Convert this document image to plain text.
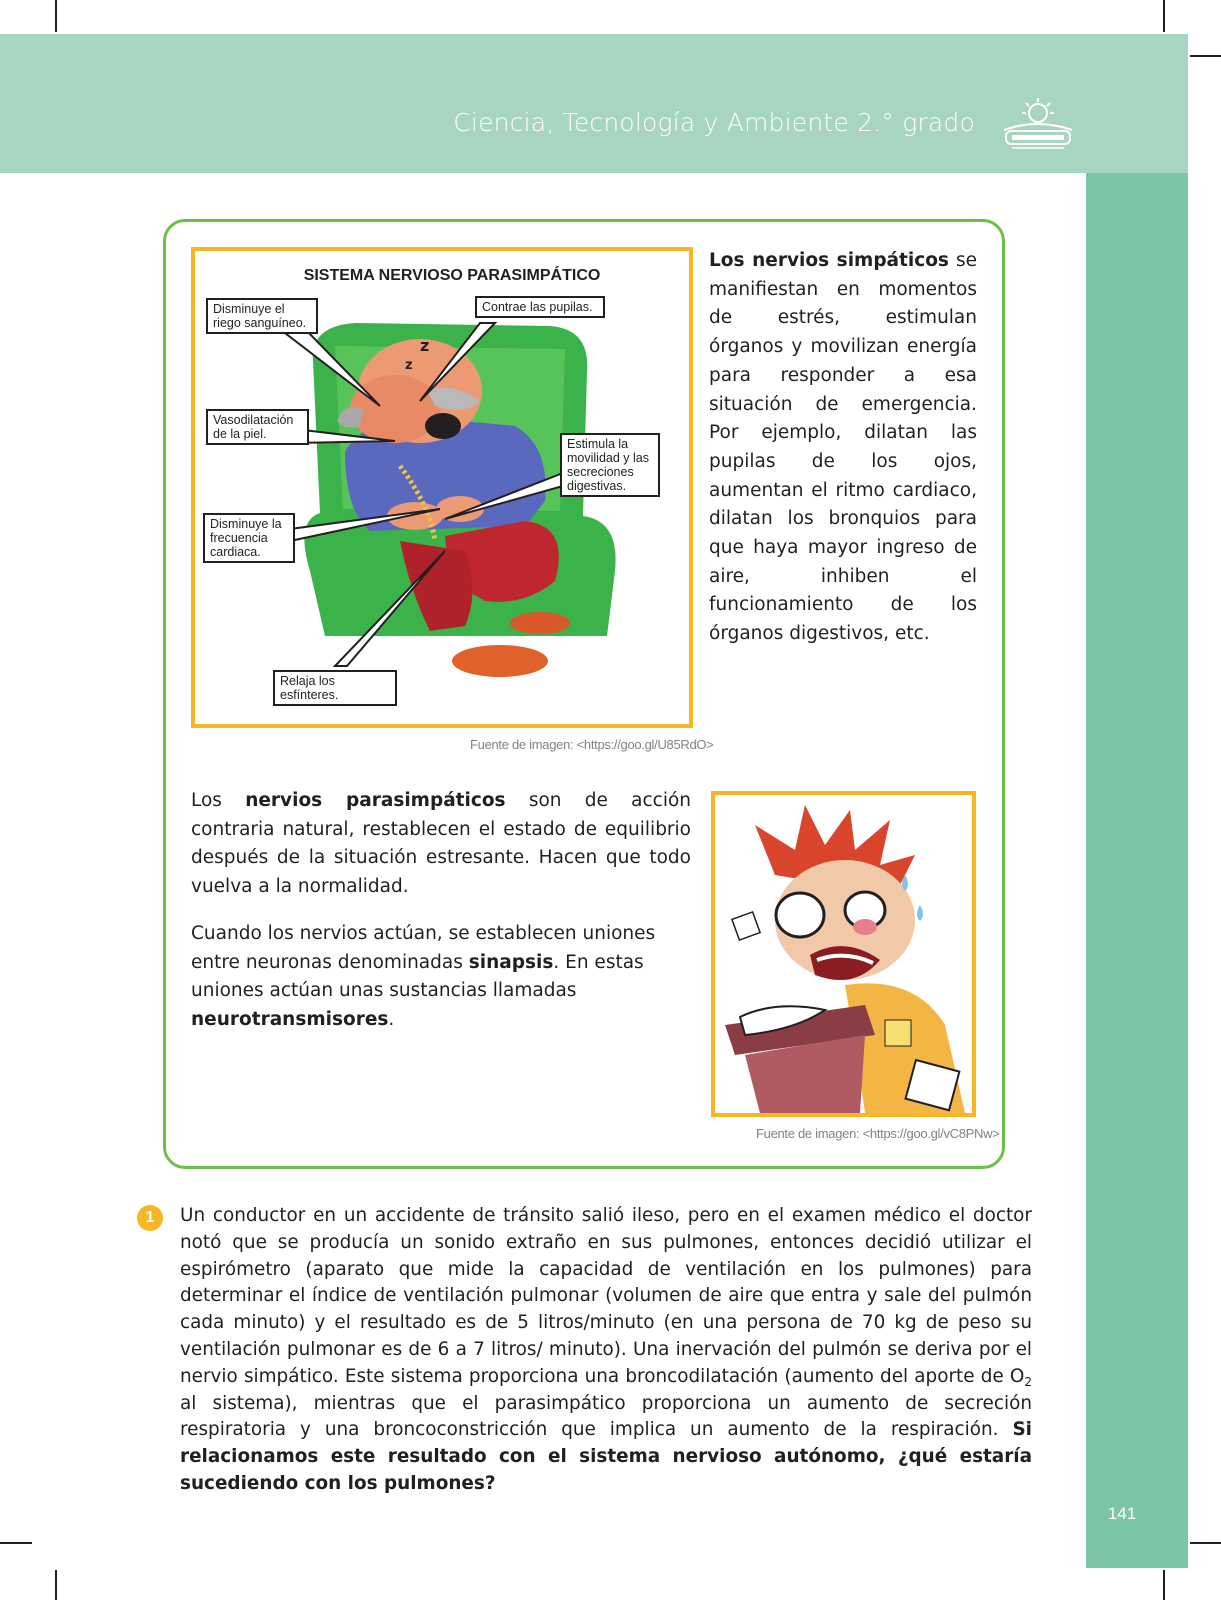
Ciencia, Tecnología y Ambiente 2.° grado
141
z
z
SISTEMA NERVIOSO PARASIMPÁTICO
Disminuye el riego sanguíneo.
Contrae las pupilas.
Vasodilatación de la piel.
Estimula la movilidad y las secreciones digestivas.
Disminuye la frecuencia cardiaca.
Relaja los esfínteres.
Fuente de imagen: <https://goo.gl/U85RdO>
Los nervios simpáticos se manifiestan en momentos de estrés, estimulan órganos y movilizan energía para responder a esa situación de emergencia. Por ejemplo, dilatan las pupilas de los ojos, aumentan el ritmo cardiaco, dilatan los bronquios para que haya mayor ingreso de aire, inhiben el funcionamiento de los órganos digestivos, etc.
Los nervios parasimpáticos son de acción contraria natural, restablecen el estado de equilibrio después de la situación estresante. Hacen que todo vuelva a la normalidad.
Cuando los nervios actúan, se establecen uniones entre neuronas denominadas sinapsis. En estas uniones actúan unas sustancias llamadas neurotransmisores.
Fuente de imagen: <https://goo.gl/vC8PNw>
1	Un conductor en un accidente de tránsito salió ileso, pero en el examen médico el doctor notó que se producía un sonido extraño en sus pulmones, entonces decidió utilizar el espirómetro (aparato que mide la capacidad de ventilación en los pulmones) para determinar el índice de ventilación pulmonar (volumen de aire que entra y sale del pulmón cada minuto) y el resultado es de 5 litros/minuto (en una persona de 70 kg de peso su ventilación pulmonar es de 6 a 7 litros/ minuto). Una inervación del pulmón se deriva por el nervio simpático. Este sistema proporciona una broncodilatación (aumento del aporte de $O_2$ al sistema), mientras que el parasimpático proporciona un aumento de secreción respiratoria y una broncoconstricción que implica un aumento de la respiración. Si relacionamos este resultado con el sistema nervioso autónomo, ¿qué estaría sucediendo con los pulmones?
